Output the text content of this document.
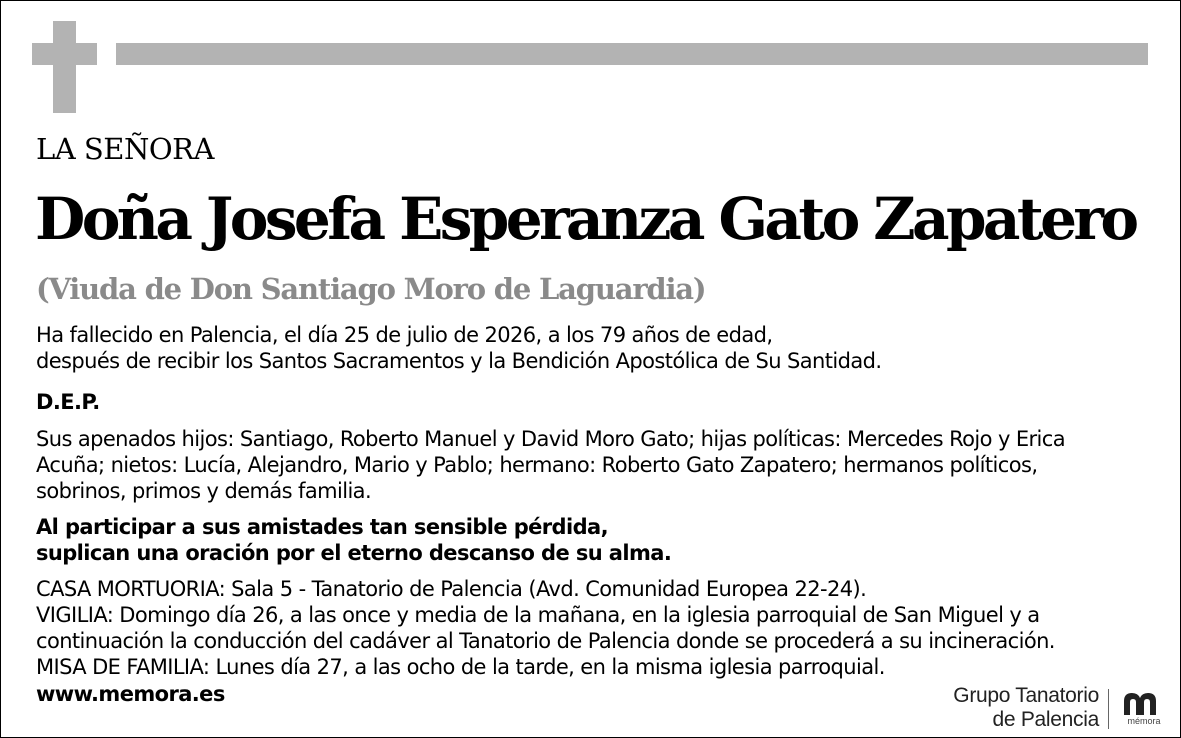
LA SEÑORA
Doña Josefa Esperanza Gato Zapatero
(Viuda de Don Santiago Moro de Laguardia)
Ha fallecido en Palencia, el día 25 de julio de 2026, a los 79 años de edad,
después de recibir los Santos Sacramentos y la Bendición Apostólica de Su Santidad.
D.E.P.
Sus apenados hijos: Santiago, Roberto Manuel y David Moro Gato; hijas políticas: Mercedes Rojo y Erica
Acuña; nietos: Lucía, Alejandro, Mario y Pablo; hermano: Roberto Gato Zapatero; hermanos políticos,
sobrinos, primos y demás familia.
Al participar a sus amistades tan sensible pérdida,
suplican una oración por el eterno descanso de su alma.
CASA MORTUORIA: Sala 5 - Tanatorio de Palencia (Avd. Comunidad Europea 22-24).
VIGILIA: Domingo día 26, a las once y media de la mañana, en la iglesia parroquial de San Miguel y a
continuación la conducción del cadáver al Tanatorio de Palencia donde se procederá a su incineración.
MISA DE FAMILIA: Lunes día 27, a las ocho de la tarde, en la misma iglesia parroquial.
www.memora.es	Grupo Tanatorio
de Palencia	mémora
